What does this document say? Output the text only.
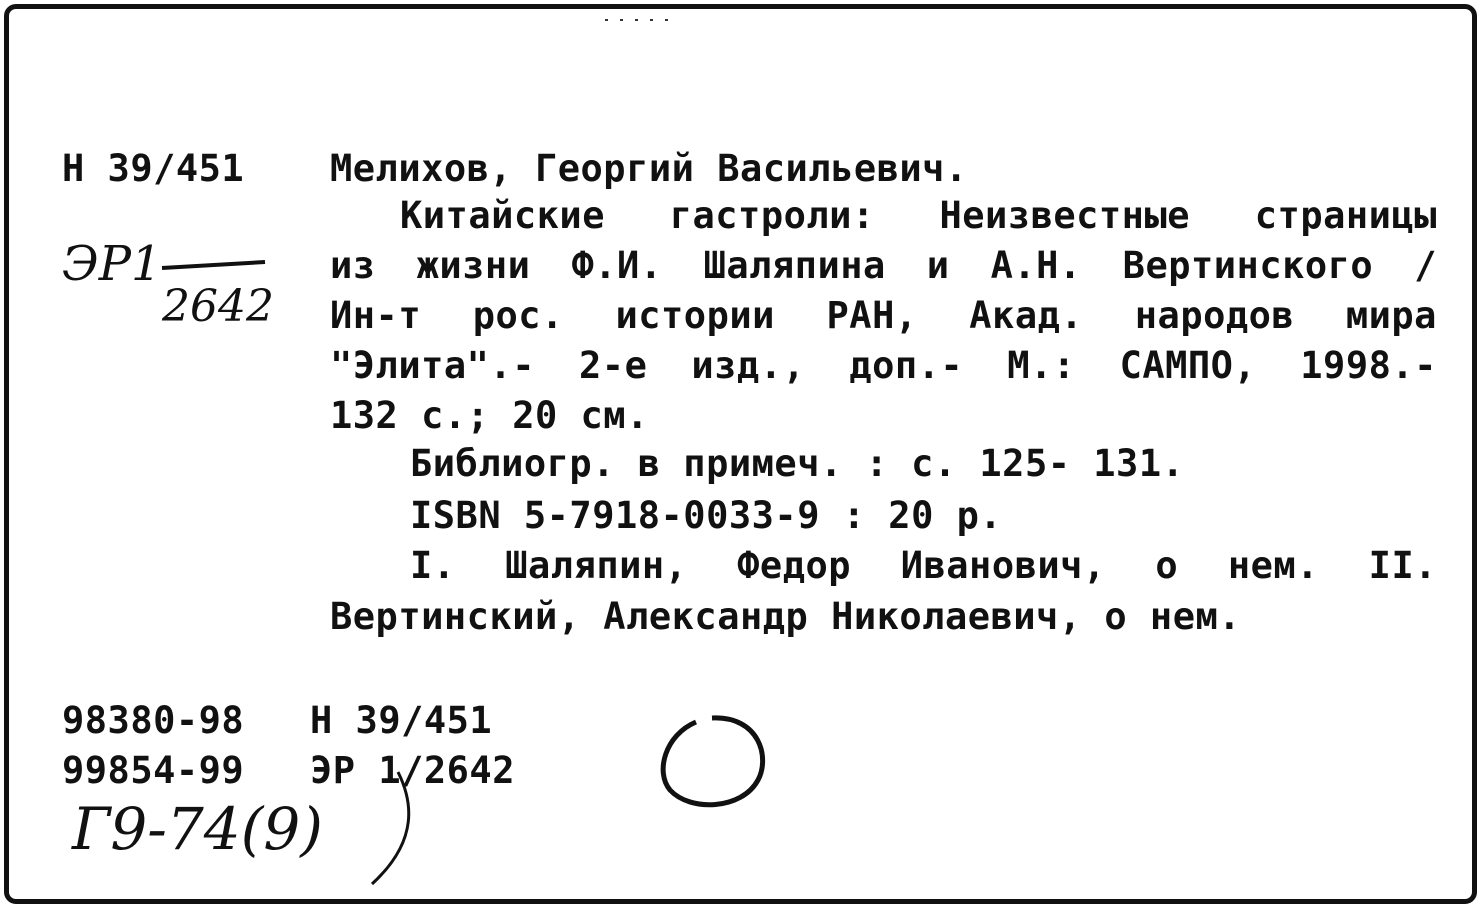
Н 39/451
ЭР1
2642
Мелихов, Георгий Васильевич.
Китайские гастроли: Неизвестные страницы
из жизни Ф.И. Шаляпина и А.Н. Вертинского /
Ин-т рос. истории РАН, Акад. народов мира
"Элита".- 2-е изд., доп.- М.: САМПО, 1998.-
132 с.; 20 см.
Библиогр. в примеч. : с. 125- 131.
ISBN 5-7918-0033-9 : 20 р.
I. Шаляпин, Федор Иванович, о нем. II.
Вертинский, Александр Николаевич, о нем.
98380-98 Н 39/451
99854-99 ЭР 1/2642
Г9-74(9)
